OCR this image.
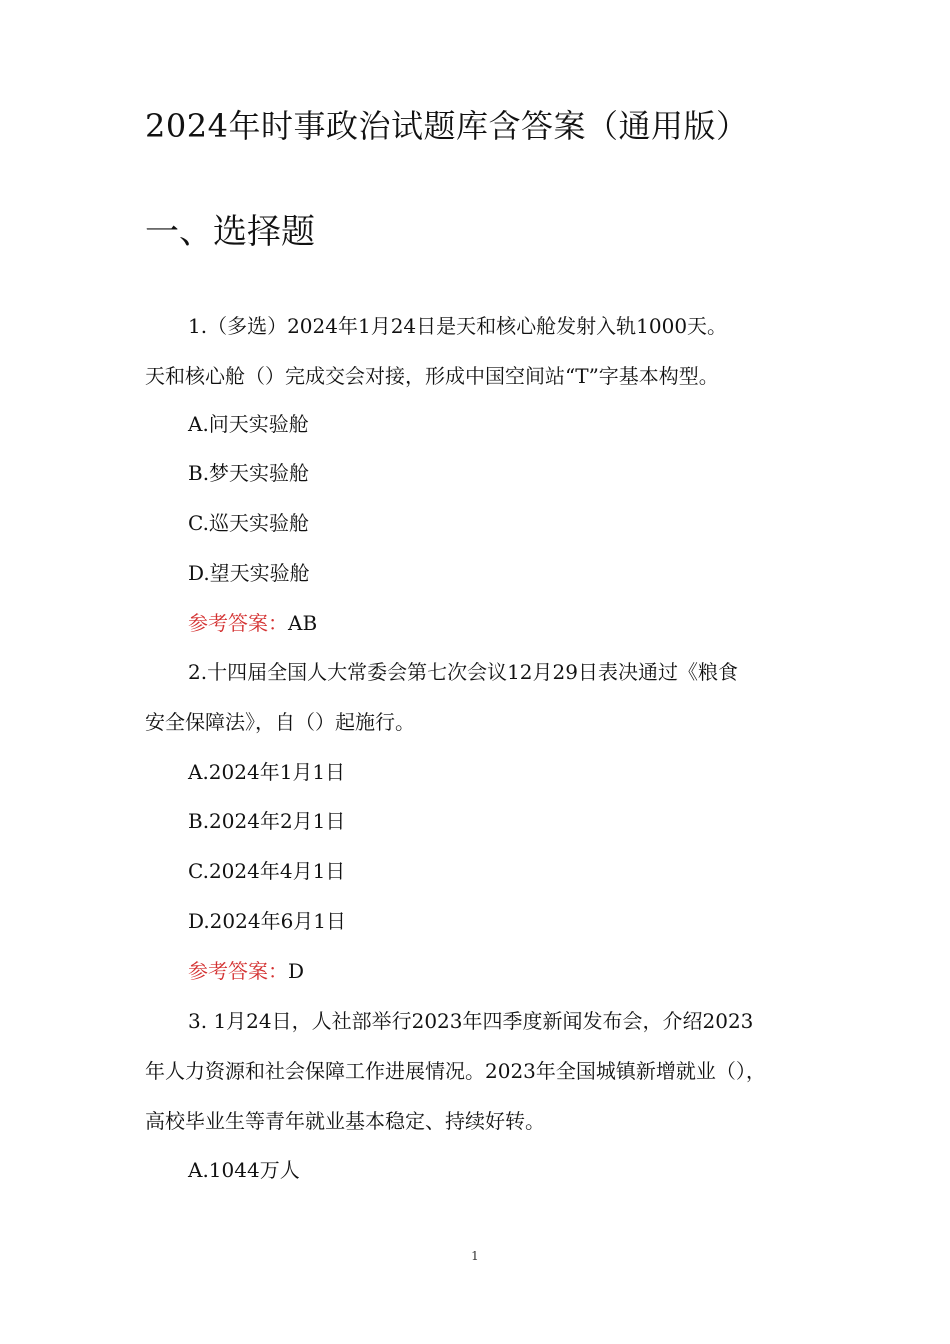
2024年时事政治试题库含答案（通用版）
一、选择题
1.（多选）2024年1月24日是天和核心舱发射入轨1000天。
天和核心舱（）完成交会对接，形成中国空间站“T”字基本构型。
A.问天实验舱
B.梦天实验舱
C.巡天实验舱
D.望天实验舱
参考答案：AB
2.十四届全国人大常委会第七次会议12月29日表决通过《粮食
安全保障法》，自（）起施行。
A.2024年1月1日
B.2024年2月1日
C.2024年4月1日
D.2024年6月1日
参考答案：D
3. 1月24日，人社部举行2023年四季度新闻发布会，介绍2023
年人力资源和社会保障工作进展情况。2023年全国城镇新增就业（），
高校毕业生等青年就业基本稳定、持续好转。
A.1044万人
1
